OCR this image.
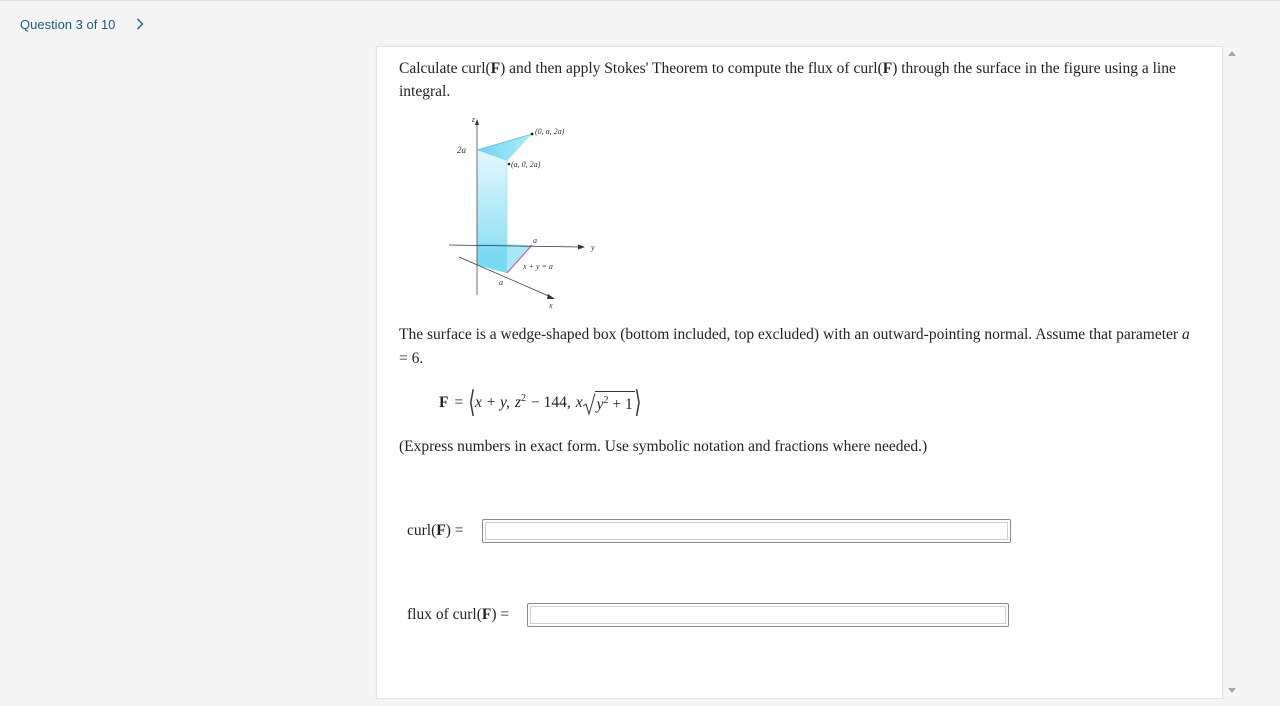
Question 3 of 10
Calculate curl(F) and then apply Stokes' Theorem to compute the flux of curl(F) through the surface in the figure using a line integral.
z
y
x
2a
(0, a, 2a)
(a, 0, 2a)
a
x + y = a
a
The surface is a wedge-shaped box (bottom included, top excluded) with an outward-pointing normal. Assume that parameter a = 6.
F = ⟨ x + y, $z^2 - 144$, x $y^2 + 1$ ⟩
(Express numbers in exact form. Use symbolic notation and fractions where needed.)
curl(F) =
flux of curl(F) =
